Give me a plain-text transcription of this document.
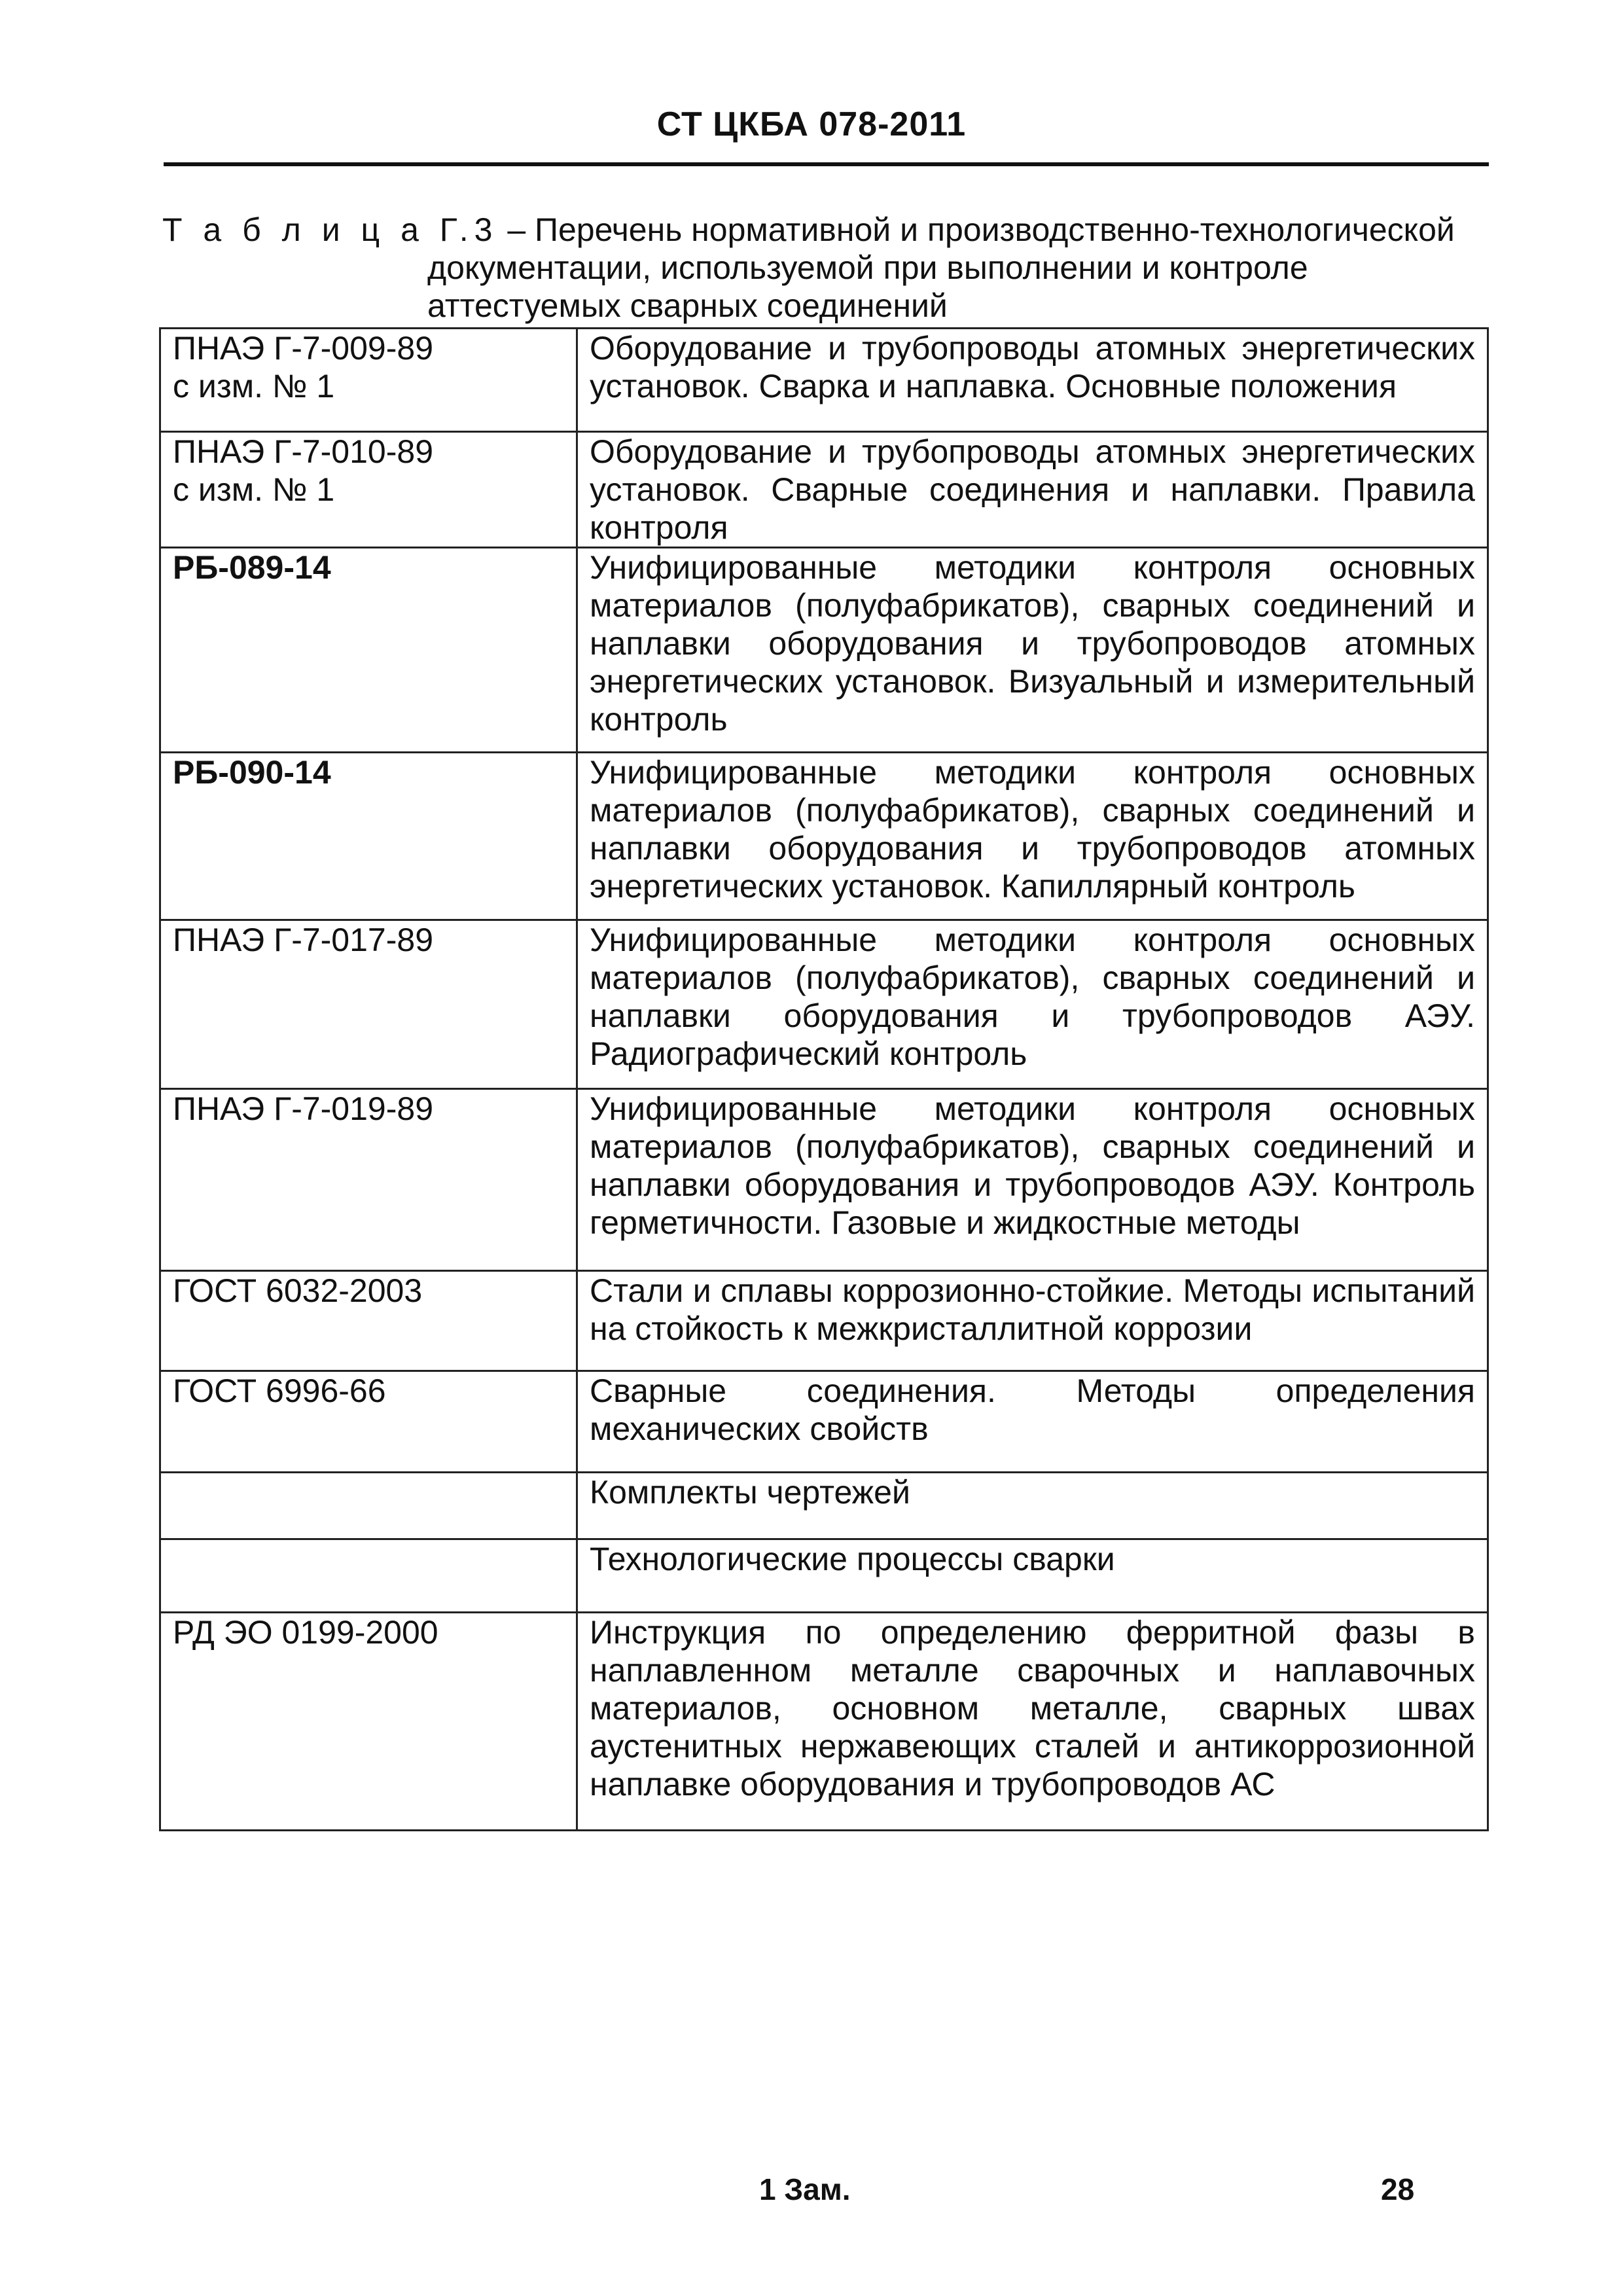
СТ ЦКБА 078-2011
Т а б л и ц а Г.3 – Перечень нормативной и производственно-технологической
документации, используемой при выполнении и контроле
аттестуемых сварных соединений
ПНАЭ Г-7-009-89
с изм. № 1	Оборудование и трубопроводы атомных энергетических установок. Сварка и наплавка. Основные положения
ПНАЭ Г-7-010-89
с изм. № 1	Оборудование и трубопроводы атомных энергетических установок. Сварные соединения и наплавки. Правила контроля
РБ-089-14	Унифицированные методики контроля основных материалов (полуфабрикатов), сварных соединений и наплавки оборудования и трубопроводов атомных энергетических установок. Визуальный и измерительный контроль
РБ-090-14	Унифицированные методики контроля основных материалов (полуфабрикатов), сварных соединений и наплавки оборудования и трубопроводов атомных энергетических установок. Капиллярный контроль
ПНАЭ Г-7-017-89	Унифицированные методики контроля основных материалов (полуфабрикатов), сварных соединений и наплавки оборудования и трубопроводов АЭУ. Радиографический контроль
ПНАЭ Г-7-019-89	Унифицированные методики контроля основных материалов (полуфабрикатов), сварных соединений и наплавки оборудования и трубопроводов АЭУ. Контроль герметичности. Газовые и жидкостные методы
ГОСТ 6032-2003	Стали и сплавы коррозионно-стойкие. Методы испытаний на стойкость к межкристаллитной коррозии
ГОСТ 6996-66	Сварные соединения. Методы определения механических свойств
	Комплекты чертежей
	Технологические процессы сварки
РД ЭО 0199-2000	Инструкция по определению ферритной фазы в наплавленном металле сварочных и наплавочных материалов, основном металле, сварных швах аустенитных нержавеющих сталей и антикоррозионной наплавке оборудования и трубопроводов АС
1 Зам.	28
